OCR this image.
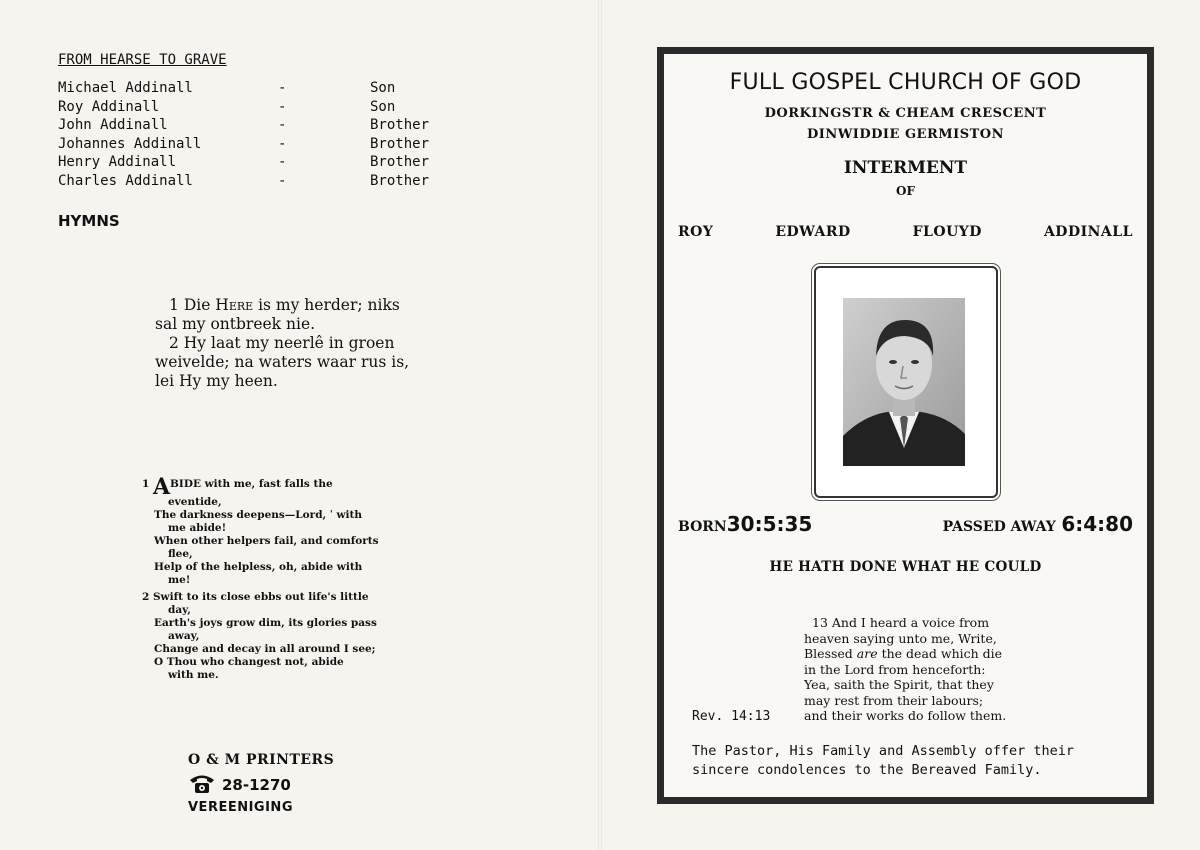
FROM HEARSE TO GRAVE
Michael Addinall	-	Son
Roy Addinall	-	Son
John Addinall	-	Brother
Johannes Addinall	-	Brother
Henry Addinall	-	Brother
Charles Addinall	-	Brother
HYMNS

1 Die Here is my herder; niks

sal my ontbreek nie.

2 Hy laat my neerlê in groen

weivelde; na waters waar rus is,

lei Hy my heen.

1 ABIDE with me, fast falls the
eventide,
The darkness deepens—Lord, ˈ with
me abide!
When other helpers fail, and comforts
flee,
Help of the helpless, oh, abide with
me!
2 Swift to its close ebbs out life's little
day,
Earth's joys grow dim, its glories pass
away,
Change and decay in all around I see;
O Thou who changest not, abide
with me.
O & M PRINTERS
28-1270
VEREENIGING
FULL GOSPEL CHURCH OF GOD
DORKINGSTR & CHEAM CRESCENT
DINWIDDIE GERMISTON
INTERMENT
OF
ROY	EDWARD	FLOUYD	ADDINALL
BORN30:5:35	PASSED AWAY 6:4:80
HE HATH DONE WHAT HE COULD

13 And I heard a voice from

heaven saying unto me, Write,

Blessed are the dead which die

in the Lord from henceforth:

Yea, saith the Spirit, that they

may rest from their labours;

and their works do follow them.

Rev. 14:13
The Pastor, His Family and Assembly offer their
sincere condolences to the Bereaved Family.
